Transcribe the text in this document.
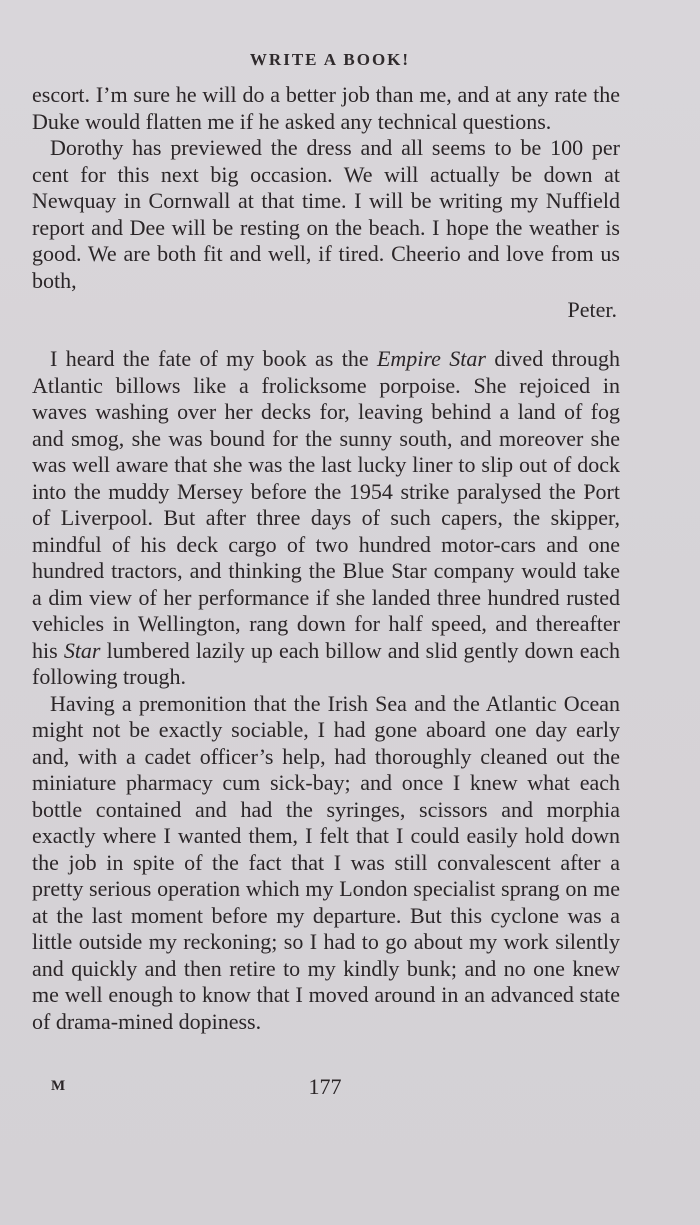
WRITE A BOOK!

escort. I’m sure he will do a better job than me, and at any rate the Duke would flatten me if he asked any technical questions.

Dorothy has previewed the dress and all seems to be 100 per cent for this next big occasion. We will actually be down at Newquay in Cornwall at that time. I will be writing my Nuffield report and Dee will be resting on the beach. I hope the weather is good. We are both fit and well, if tired. Cheerio and love from us both,

Peter.

I heard the fate of my book as the Empire Star dived through Atlantic billows like a frolicksome porpoise. She rejoiced in waves washing over her decks for, leaving behind a land of fog and smog, she was bound for the sunny south, and moreover she was well aware that she was the last lucky liner to slip out of dock into the muddy Mersey before the 1954 strike paralysed the Port of Liverpool. But after three days of such capers, the skipper, mindful of his deck cargo of two hundred motor-cars and one hundred tractors, and thinking the Blue Star company would take a dim view of her performance if she landed three hundred rusted vehicles in Wellington, rang down for half speed, and thereafter his Star lumbered lazily up each billow and slid gently down each following trough.

Having a premonition that the Irish Sea and the Atlantic Ocean might not be exactly sociable, I had gone aboard one day early and, with a cadet officer’s help, had thoroughly cleaned out the miniature pharmacy cum sick-bay; and once I knew what each bottle contained and had the syringes, scissors and morphia exactly where I wanted them, I felt that I could easily hold down the job in spite of the fact that I was still convalescent after a pretty serious operation which my London specialist sprang on me at the last moment before my departure. But this cyclone was a little outside my reckoning; so I had to go about my work silently and quickly and then retire to my kindly bunk; and no one knew me well enough to know that I moved around in an advanced state of drama-mined dopiness.

M	177
